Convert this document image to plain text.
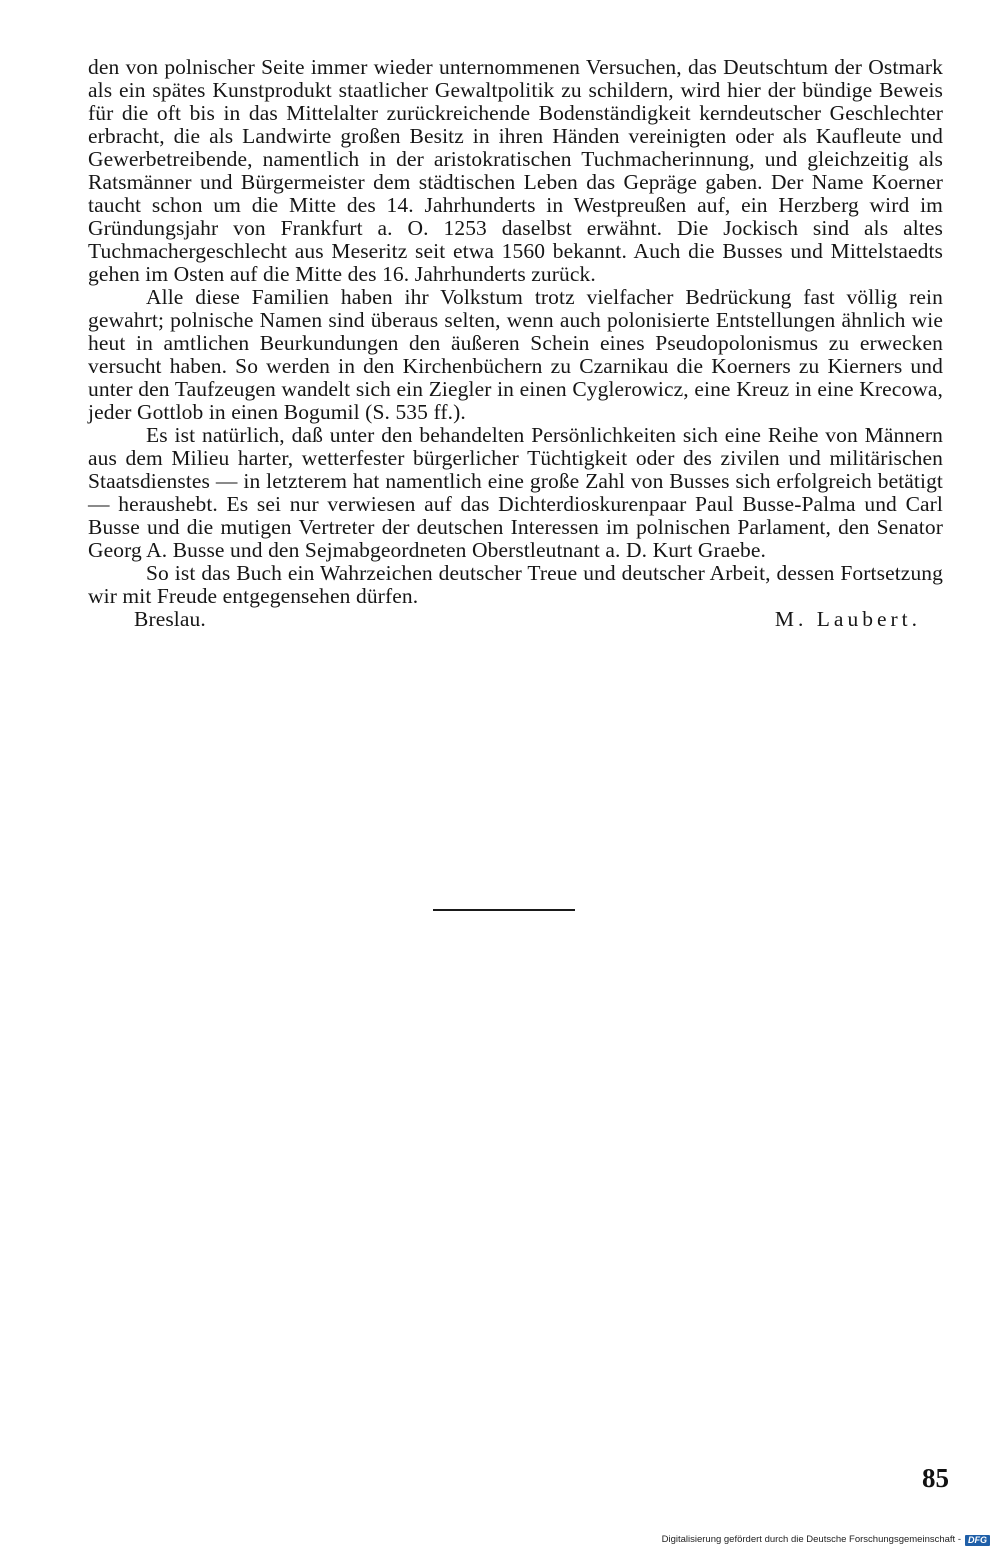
den von polnischer Seite immer wieder unternommenen Versuchen, das Deutschtum der Ostmark als ein spätes Kunstprodukt staatlicher Gewaltpolitik zu schildern, wird hier der bündige Beweis für die oft bis in das Mittelalter zurückreichende Bodenständigkeit kerndeutscher Geschlechter erbracht, die als Landwirte großen Besitz in ihren Händen vereinigten oder als Kaufleute und Gewerbetreibende, namentlich in der aristokratischen Tuchmacherinnung, und gleichzeitig als Ratsmänner und Bürgermeister dem städtischen Leben das Gepräge gaben. Der Name Koerner taucht schon um die Mitte des 14. Jahrhunderts in Westpreußen auf, ein Herzberg wird im Gründungsjahr von Frankfurt a. O. 1253 daselbst erwähnt. Die Jockisch sind als altes Tuchmachergeschlecht aus Meseritz seit etwa 1560 bekannt. Auch die Busses und Mittelstaedts gehen im Osten auf die Mitte des 16. Jahrhunderts zurück.

Alle diese Familien haben ihr Volkstum trotz vielfacher Bedrückung fast völlig rein gewahrt; polnische Namen sind überaus selten, wenn auch polonisierte Entstellungen ähnlich wie heut in amtlichen Beurkundungen den äußeren Schein eines Pseudopolonismus zu erwecken versucht haben. So werden in den Kirchenbüchern zu Czarnikau die Koerners zu Kierners und unter den Taufzeugen wandelt sich ein Ziegler in einen Cyglerowicz, eine Kreuz in eine Krecowa, jeder Gottlob in einen Bogumil (S. 535 ff.).

Es ist natürlich, daß unter den behandelten Persönlichkeiten sich eine Reihe von Männern aus dem Milieu harter, wetterfester bürgerlicher Tüchtigkeit oder des zivilen und militärischen Staatsdienstes — in letzterem hat namentlich eine große Zahl von Busses sich erfolgreich betätigt — heraushebt. Es sei nur verwiesen auf das Dichterdioskurenpaar Paul Busse-Palma und Carl Busse und die mutigen Vertreter der deutschen Interessen im polnischen Parlament, den Senator Georg A. Busse und den Sejmabgeordneten Oberstleutnant a. D. Kurt Graebe.

So ist das Buch ein Wahrzeichen deutscher Treue und deutscher Arbeit, dessen Fortsetzung wir mit Freude entgegensehen dürfen.

Breslau.	M. Laubert.
85
Digitalisierung gefördert durch die Deutsche Forschungsgemeinschaft - DFG
